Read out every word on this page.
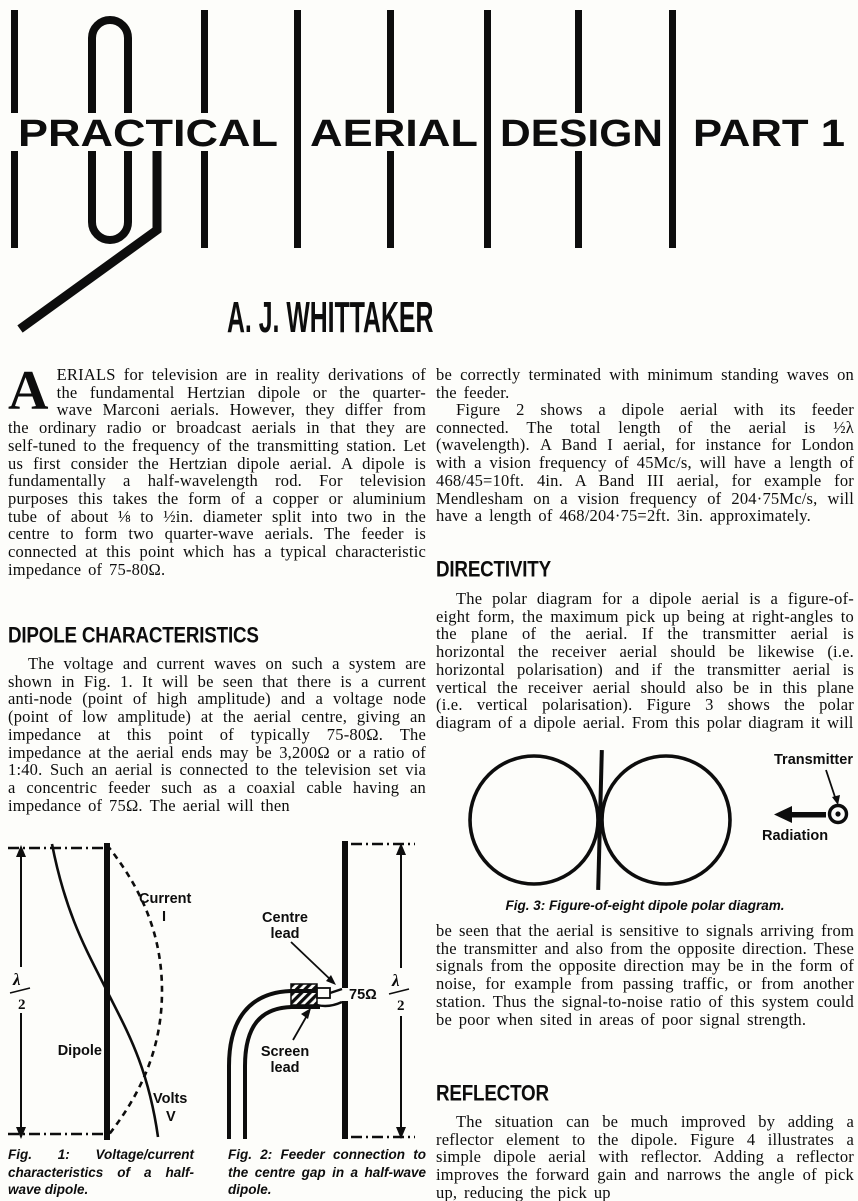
PRACTICAL AERIAL DESIGN PART 1
A. J. WHITTAKER

AERIALS for television are in reality derivations of the fundamental Hertzian dipole or the quarter-wave Marconi aerials. However, they differ from the ordinary radio or broadcast aerials in that they are self-tuned to the frequency of the transmitting station. Let us first consider the Hertzian dipole aerial. A dipole is fundamentally a half-wavelength rod. For television purposes this takes the form of a copper or aluminium tube of about ⅛ to ½in. diameter split into two in the centre to form two quarter-wave aerials. The feeder is connected at this point which has a typical characteristic impedance of 75-80Ω.

DIPOLE CHARACTERISTICS

The voltage and current waves on such a system are shown in Fig. 1. It will be seen that there is a current anti-node (point of high amplitude) and a voltage node (point of low amplitude) at the aerial centre, giving an impedance at this point of typically 75-80Ω. The impedance at the aerial ends may be 3,200Ω or a ratio of 1:40. Such an aerial is connected to the television set via a concentric feeder such as a coaxial cable having an impedance of 75Ω. The aerial will then

λ
2
Current
I
Dipole
Volts
V
Centre
lead
75Ω
Screen
lead
λ
2
Fig. 1: Voltage/current characteristics of a half-wave dipole.
Fig. 2: Feeder connection to the centre gap in a half-wave dipole.

be correctly terminated with minimum standing waves on the feeder.

Figure 2 shows a dipole aerial with its feeder connected. The total length of the aerial is ½λ (wavelength). A Band I aerial, for instance for London with a vision frequency of 45Mc/s, will have a length of 468/45=10ft. 4in. A Band III aerial, for example for Mendlesham on a vision frequency of 204·75Mc/s, will have a length of 468/204·75=2ft. 3in. approximately.

DIRECTIVITY

The polar diagram for a dipole aerial is a figure-of-eight form, the maximum pick up being at right-angles to the plane of the aerial. If the transmitter aerial is horizontal the receiver aerial should be likewise (i.e. horizontal polarisation) and if the transmitter aerial is vertical the receiver aerial should also be in this plane (i.e. vertical polarisation). Figure 3 shows the polar diagram of a dipole aerial. From this polar diagram it will

Transmitter
Radiation
Fig. 3: Figure-of-eight dipole polar diagram.

be seen that the aerial is sensitive to signals arriving from the transmitter and also from the opposite direction. These signals from the opposite direction may be in the form of noise, for example from passing traffic, or from another station. Thus the signal-to-noise ratio of this system could be poor when sited in areas of poor signal strength.

REFLECTOR

The situation can be much improved by adding a reflector element to the dipole. Figure 4 illustrates a simple dipole aerial with reflector. Adding a reflector improves the forward gain and narrows the angle of pick up, reducing the pick up
